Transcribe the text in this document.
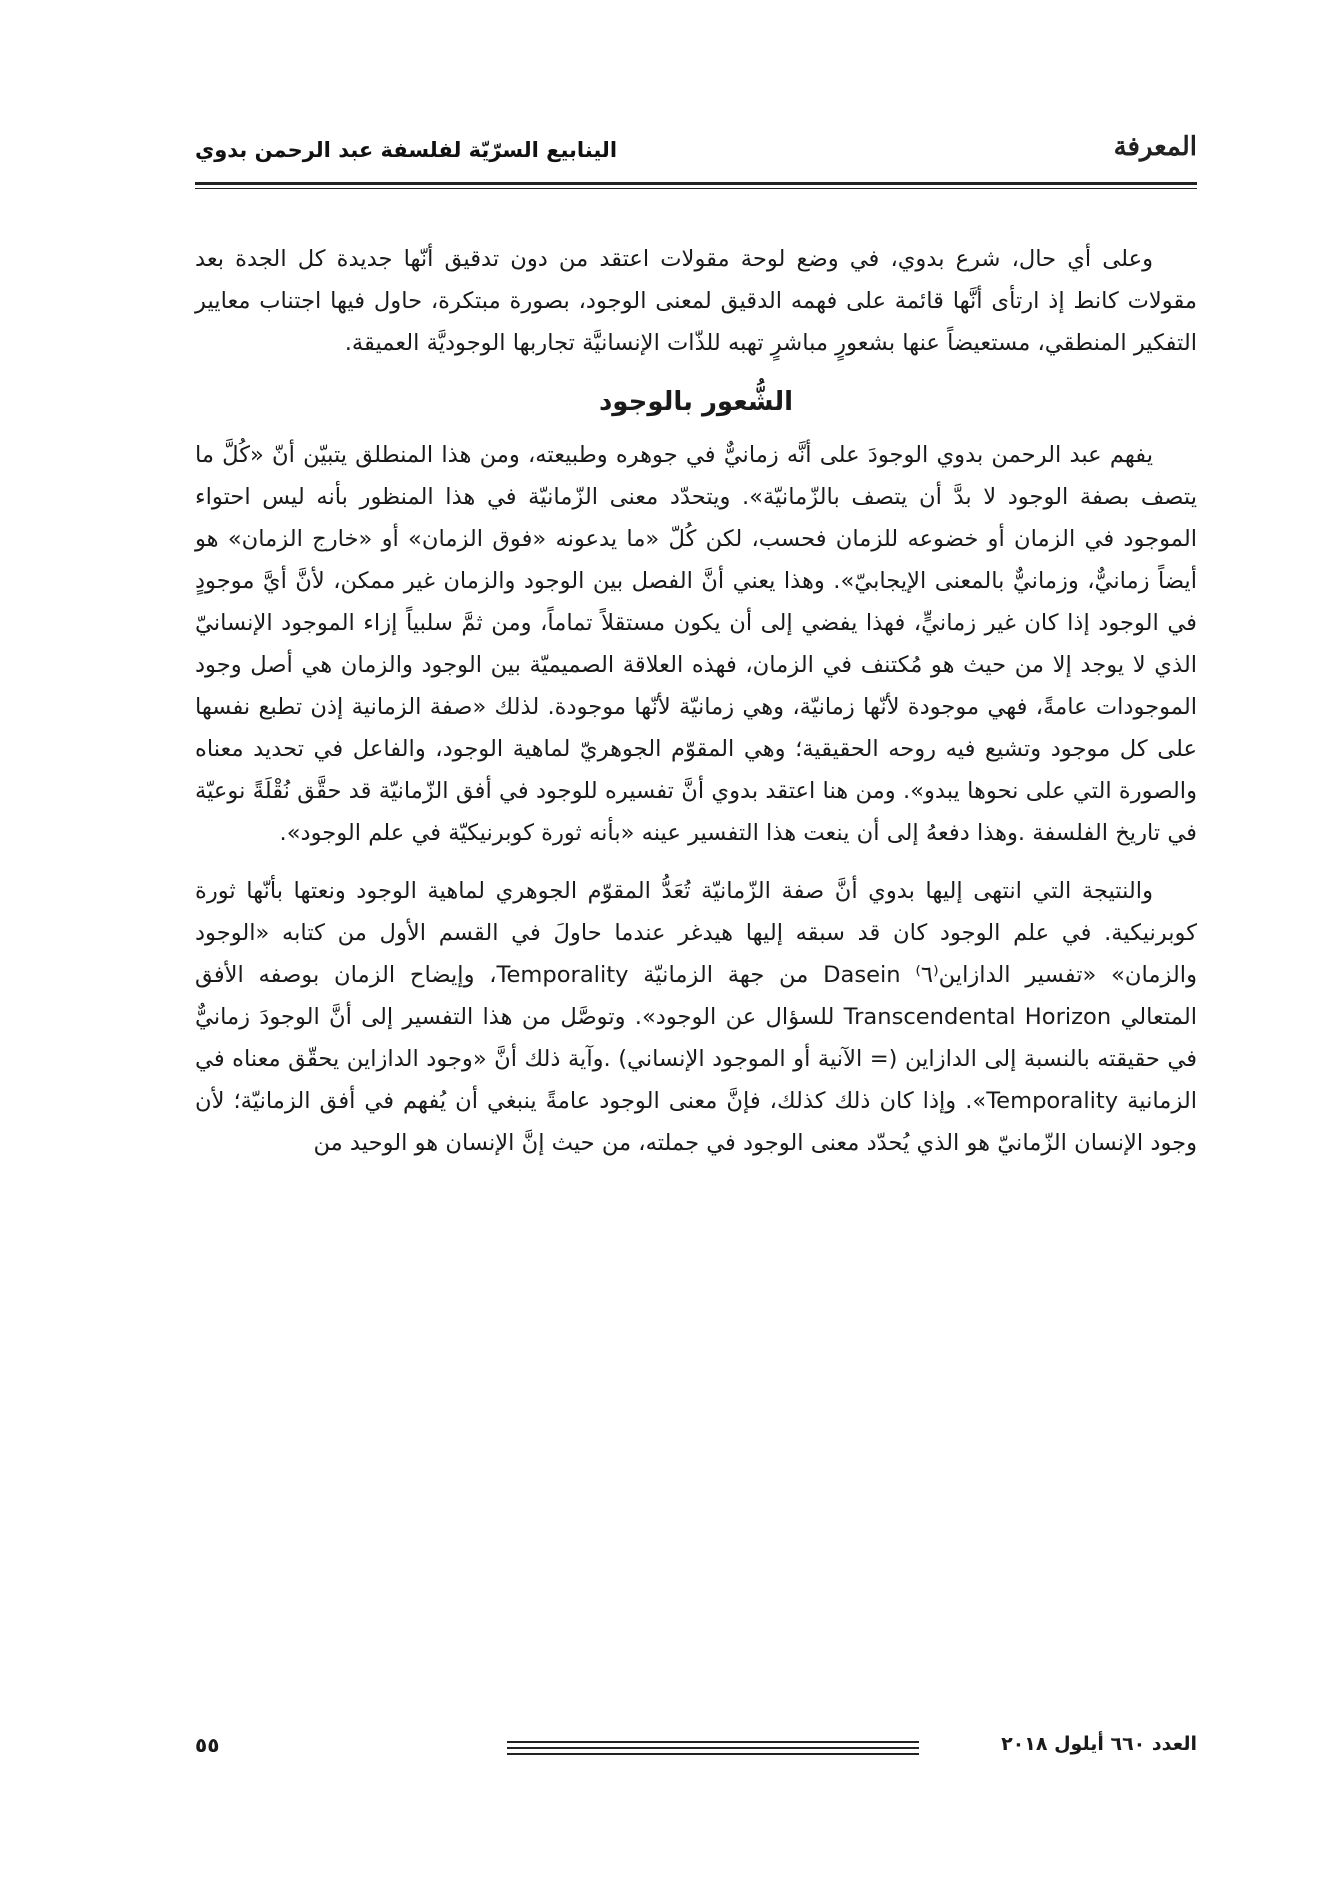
المعرفة
الينابيع السرّيّة لفلسفة عبد الرحمن بدوي

وعلى أي حال، شرع بدوي، في وضع لوحة مقولات اعتقد من دون تدقيق أنّها جديدة كل الجدة بعد مقولات كانط إذ ارتأى أنَّها قائمة على فهمه الدقيق لمعنى الوجود، بصورة مبتكرة، حاول فيها اجتناب معايير التفكير المنطقي، مستعيضاً عنها بشعورٍ مباشرٍ تهبه للذّات الإنسانيَّة تجاربها الوجوديَّة العميقة.

الشُّعور بالوجود

يفهم عبد الرحمن بدوي الوجودَ على أنَّه زمانيٌّ في جوهره وطبيعته، ومن هذا المنطلق يتبيّن أنّ «كُلَّ ما يتصف بصفة الوجود لا بدَّ أن يتصف بالزّمانيّة». ويتحدّد معنى الزّمانيّة في هذا المنظور بأنه ليس احتواء الموجود في الزمان أو خضوعه للزمان فحسب، لكن كُلّ «ما يدعونه «فوق الزمان» أو «خارج الزمان» هو أيضاً زمانيٌّ، وزمانيٌّ بالمعنى الإيجابيّ». وهذا يعني أنَّ الفصل بين الوجود والزمان غير ممكن، لأنَّ أيَّ موجودٍ في الوجود إذا كان غير زمانيٍّ، فهذا يفضي إلى أن يكون مستقلاً تماماً، ومن ثمَّ سلبياً إزاء الموجود الإنسانيّ الذي لا يوجد إلا من حيث هو مُكتنف في الزمان، فهذه العلاقة الصميميّة بين الوجود والزمان هي أصل وجود الموجودات عامةً، فهي موجودة لأنّها زمانيّة، وهي زمانيّة لأنّها موجودة. لذلك «صفة الزمانية إذن تطبع نفسها على كل موجود وتشيع فيه روحه الحقيقية؛ وهي المقوّم الجوهريّ لماهية الوجود، والفاعل في تحديد معناه والصورة التي على نحوها يبدو». ومن هنا اعتقد بدوي أنَّ تفسيره للوجود في أفق الزّمانيّة قد حقَّق نُقْلَةً نوعيّة في تاريخ الفلسفة .وهذا دفعهُ إلى أن ينعت هذا التفسير عينه «بأنه ثورة كوبرنيكيّة في علم الوجود».

والنتيجة التي انتهى إليها بدوي أنَّ صفة الزّمانيّة تُعَدُّ المقوّم الجوهري لماهية الوجود ونعتها بأنّها ثورة كوبرنيكية. في علم الوجود كان قد سبقه إليها هيدغر عندما حاولَ في القسم الأول من كتابه «الوجود والزمان» «تفسير الدازاين⁽٦⁾ Dasein من جهة الزمانيّة Temporality، وإيضاح الزمان بوصفه الأفق المتعالي Transcendental Horizon للسؤال عن الوجود». وتوصَّل من هذا التفسير إلى أنَّ الوجودَ زمانيٌّ في حقيقته بالنسبة إلى الدازاين (= الآنية أو الموجود الإنساني) .وآية ذلك أنَّ «وجود الدازاين يحقّق معناه في الزمانية Temporality». وإذا كان ذلك كذلك، فإنَّ معنى الوجود عامةً ينبغي أن يُفهم في أفق الزمانيّة؛ لأن وجود الإنسان الزّمانيّ هو الذي يُحدّد معنى الوجود في جملته، من حيث إنَّ الإنسان هو الوحيد من

العدد ٦٦٠ أيلول ٢٠١٨
٥٥
